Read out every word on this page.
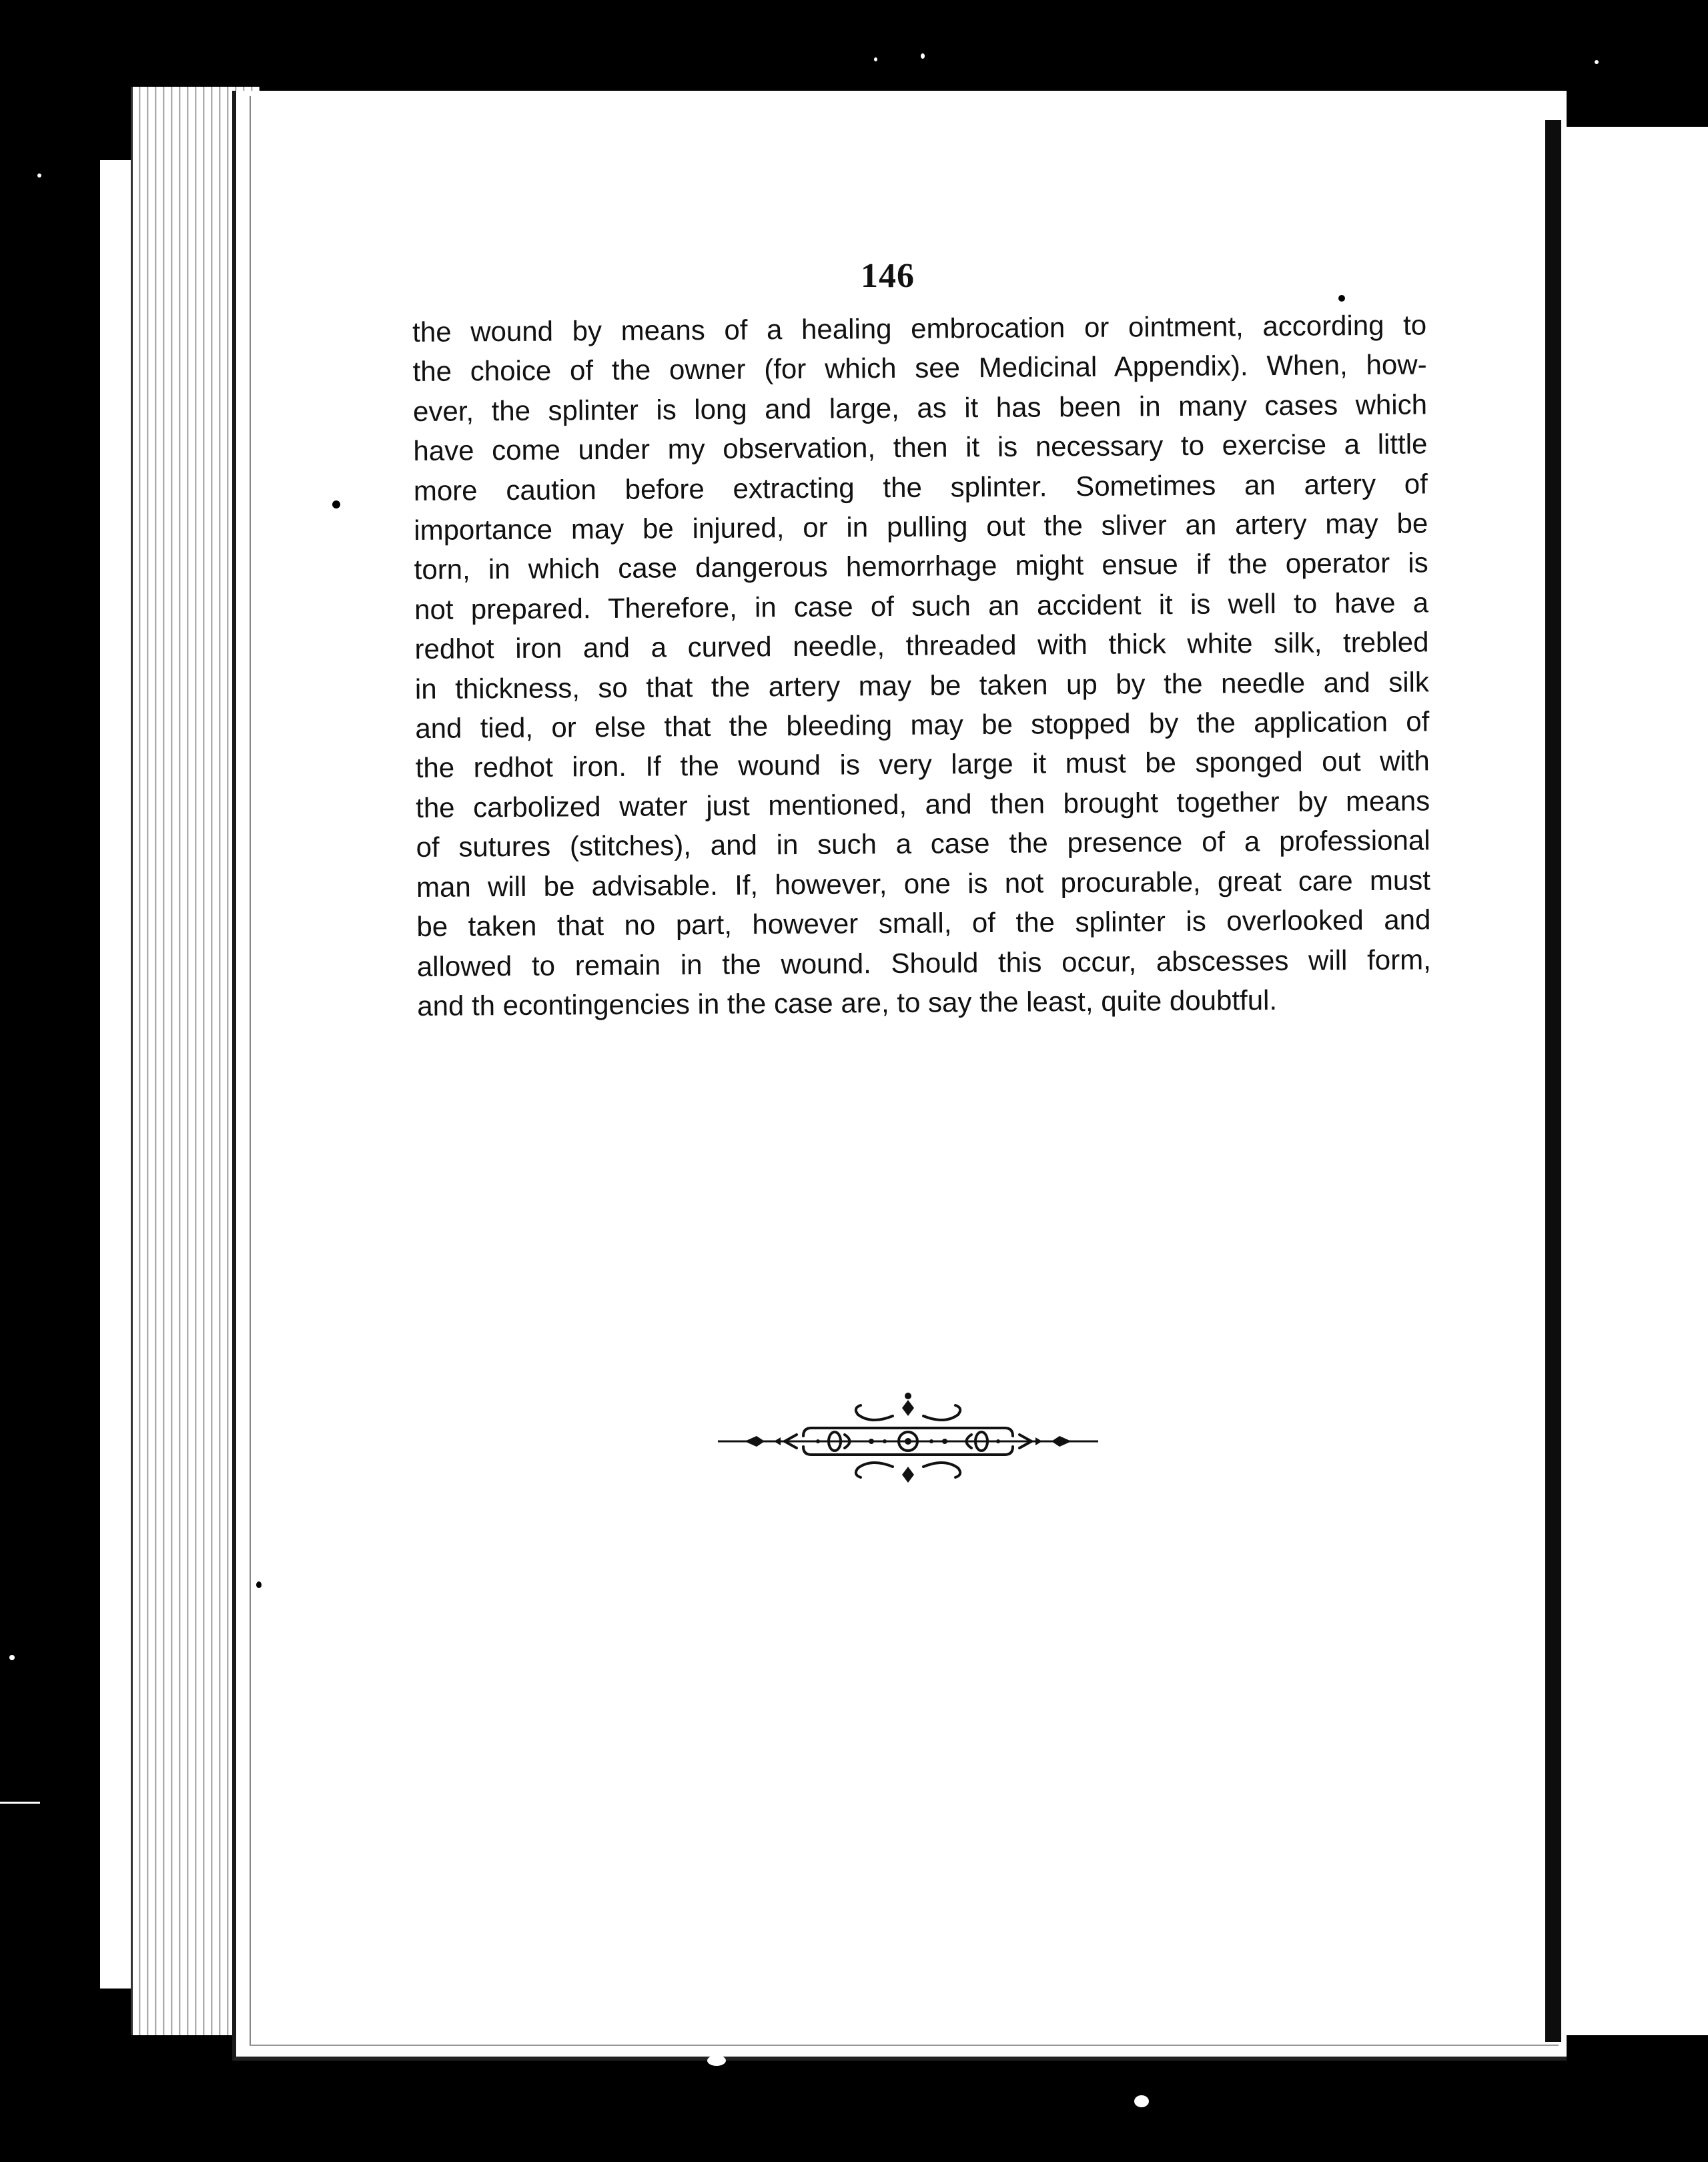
146
the wound by means of a healing embrocation or ointment, according to
the choice of the owner (for which see Medicinal Appendix). When, how-
ever, the splinter is long and large, as it has been in many cases which
have come under my observation, then it is necessary to exercise a little
more caution before extracting the splinter. Sometimes an artery of
importance may be injured, or in pulling out the sliver an artery may be
torn, in which case dangerous hemorrhage might ensue if the operator is
not prepared. Therefore, in case of such an accident it is well to have a
redhot iron and a curved needle, threaded with thick white silk, trebled
in thickness, so that the artery may be taken up by the needle and silk
and tied, or else that the bleeding may be stopped by the application of
the redhot iron. If the wound is very large it must be sponged out with
the carbolized water just mentioned, and then brought together by means
of sutures (stitches), and in such a case the presence of a professional
man will be advisable. If, however, one is not procurable, great care must
be taken that no part, however small, of the splinter is overlooked and
allowed to remain in the wound. Should this occur, abscesses will form,
and th econtingencies in the case are, to say the least, quite doubtful.
